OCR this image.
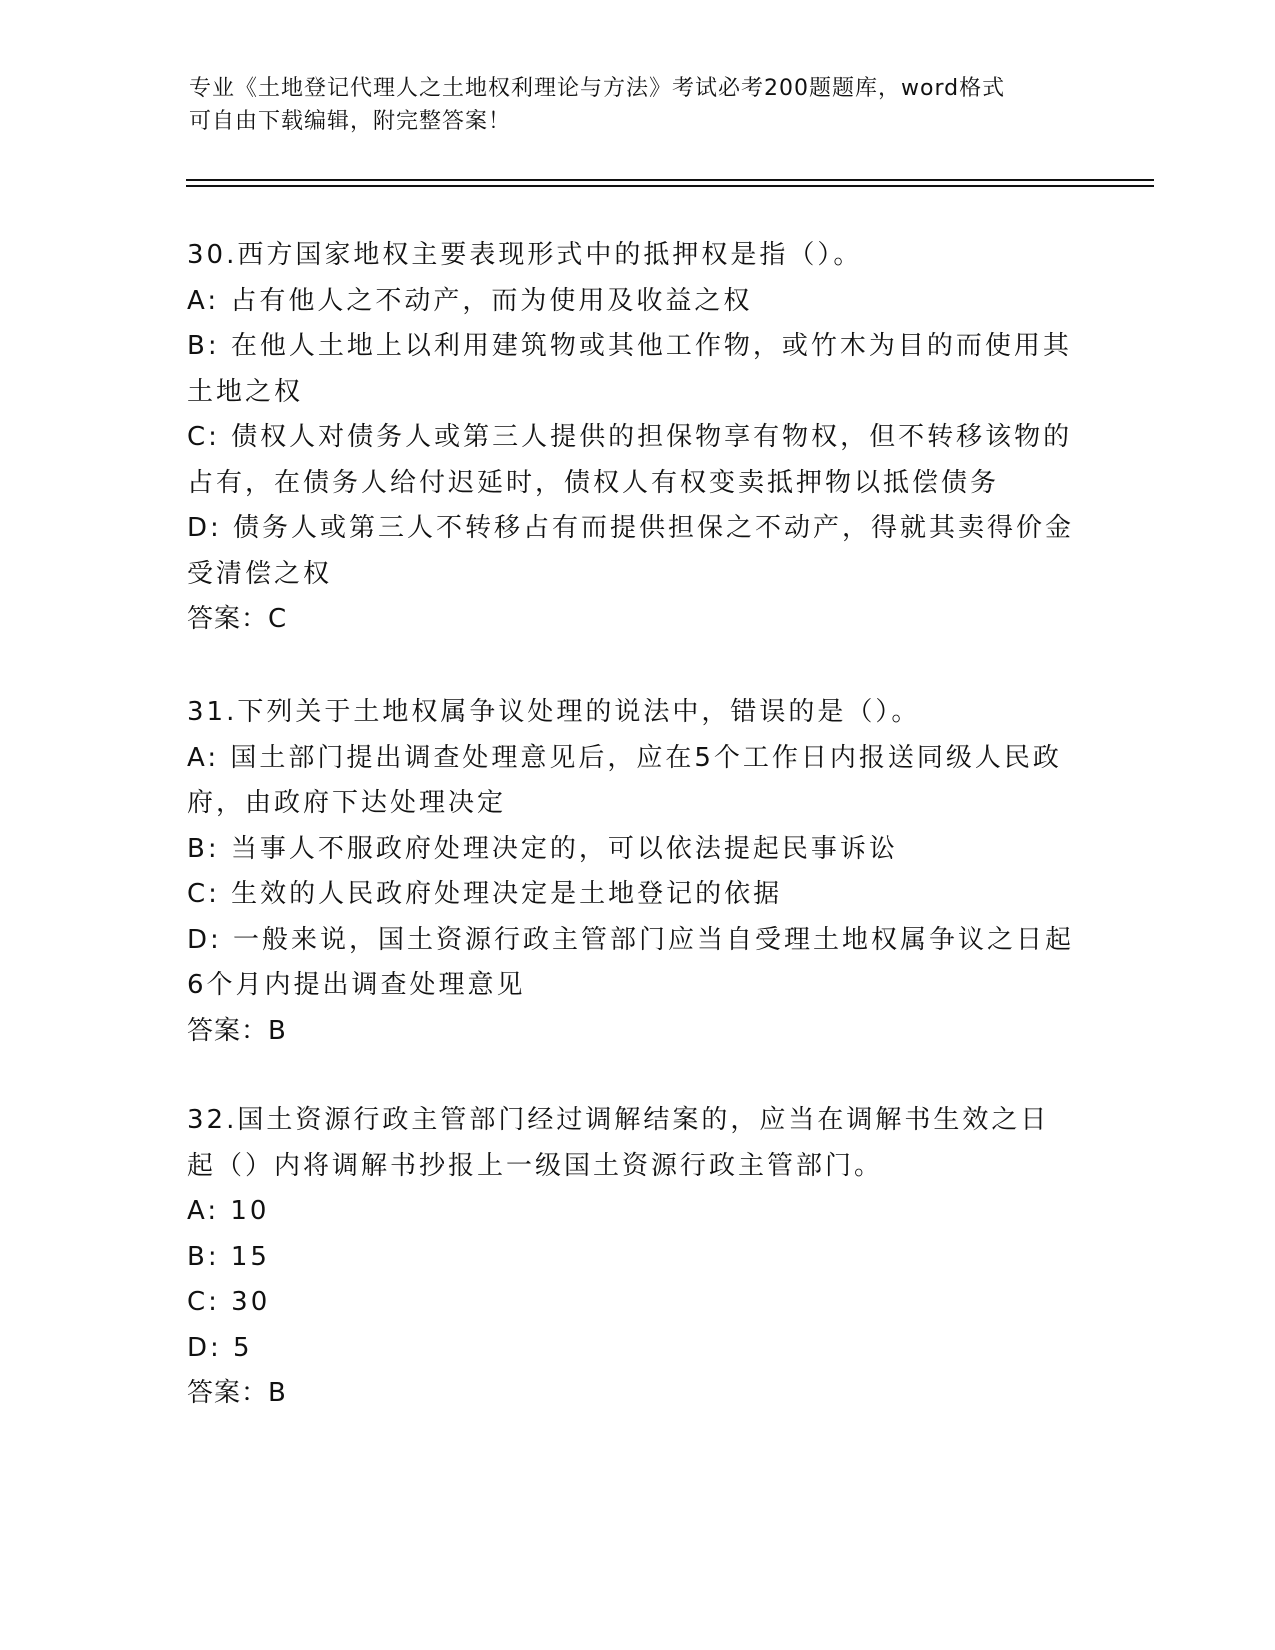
专业《土地登记代理人之土地权利理论与方法》考试必考200题题库，word格式
可自由下载编辑，附完整答案！

30.西方国家地权主要表现形式中的抵押权是指（）。

A: 占有他人之不动产，而为使用及收益之权

B: 在他人土地上以利用建筑物或其他工作物，或竹木为目的而使用其土地之权

C: 债权人对债务人或第三人提供的担保物享有物权，但不转移该物的占有，在债务人给付迟延时，债权人有权变卖抵押物以抵偿债务

D: 债务人或第三人不转移占有而提供担保之不动产，得就其卖得价金受清偿之权

答案：C

31.下列关于土地权属争议处理的说法中，错误的是（）。

A: 国土部门提出调查处理意见后，应在5个工作日内报送同级人民政府，由政府下达处理决定

B: 当事人不服政府处理决定的，可以依法提起民事诉讼

C: 生效的人民政府处理决定是土地登记的依据

D: 一般来说，国土资源行政主管部门应当自受理土地权属争议之日起6个月内提出调查处理意见

答案：B

32.国土资源行政主管部门经过调解结案的，应当在调解书生效之日起（）内将调解书抄报上一级国土资源行政主管部门。

A: 10

B: 15

C: 30

D: 5

答案：B
